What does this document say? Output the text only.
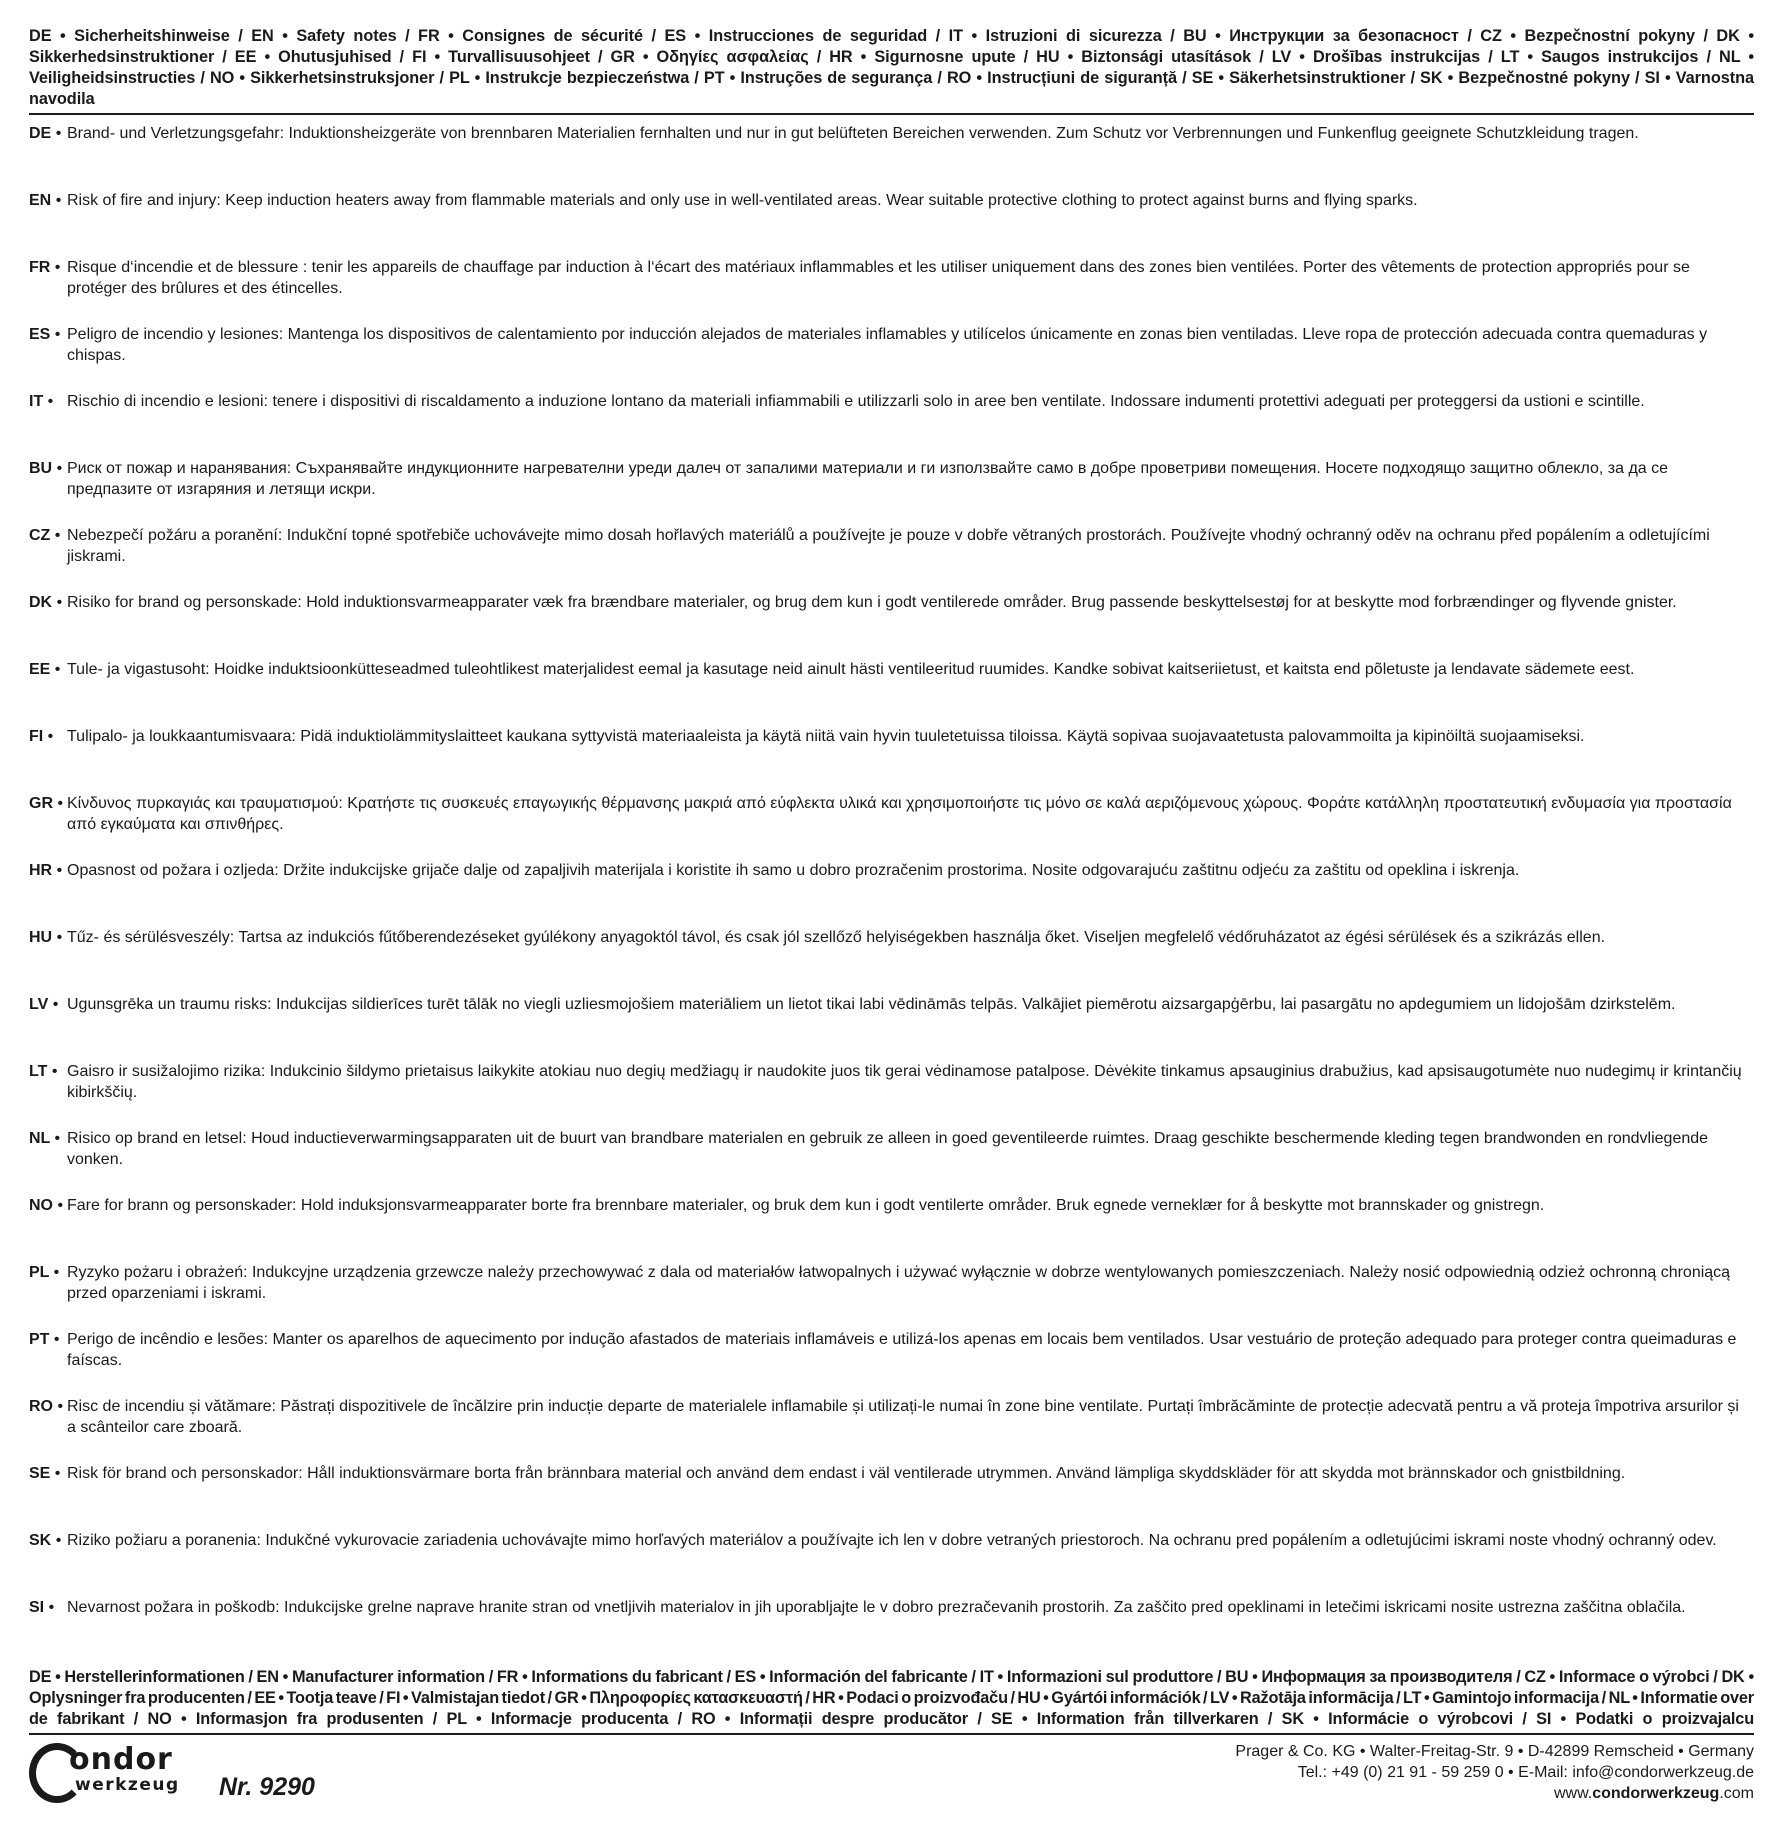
DE • Sicherheitshinweise / EN • Safety notes / FR • Consignes de sécurité / ES • Instrucciones de seguridad / IT • Istruzioni di sicurezza / BU • Инструкции за безопасност / CZ • Bezpečnostní pokyny / DK • Sikkerhedsinstruktioner / EE • Ohutusjuhised / FI • Turvallisuusohjeet / GR • Οδηγίες ασφαλείας / HR • Sigurnosne upute / HU • Biztonsági utasítások / LV • Drošības instrukcijas / LT • Saugos instrukcijos / NL • Veiligheidsinstructies / NO • Sikkerhetsinstruksjoner / PL • Instrukcje bezpieczeństwa / PT • Instruções de segurança / RO • Instrucțiuni de siguranță / SE • Säkerhetsinstruktioner / SK • Bezpečnostné pokyny / SI • Varnostna navodila
DE • Brand- und Verletzungsgefahr: Induktionsheizgeräte von brennbaren Materialien fernhalten und nur in gut belüfteten Bereichen verwenden. Zum Schutz vor Verbrennungen und Funkenflug geeignete Schutzkleidung tragen.
EN • Risk of fire and injury: Keep induction heaters away from flammable materials and only use in well-ventilated areas. Wear suitable protective clothing to protect against burns and flying sparks.
FR • Risque d‘incendie et de blessure : tenir les appareils de chauffage par induction à l‘écart des matériaux inflammables et les utiliser uniquement dans des zones bien ventilées. Porter des vêtements de protection appropriés pour se protéger des brûlures et des étincelles.
ES • Peligro de incendio y lesiones: Mantenga los dispositivos de calentamiento por inducción alejados de materiales inflamables y utilícelos únicamente en zonas bien ventiladas. Lleve ropa de protección adecuada contra quemaduras y chispas.
IT • Rischio di incendio e lesioni: tenere i dispositivi di riscaldamento a induzione lontano da materiali infiammabili e utilizzarli solo in aree ben ventilate. Indossare indumenti protettivi adeguati per proteggersi da ustioni e scintille.
BU • Риск от пожар и наранявания: Съхранявайте индукционните нагревателни уреди далеч от запалими материали и ги използвайте само в добре проветриви помещения. Носете подходящо защитно облекло, за да се предпазите от изгаряния и летящи искри.
CZ • Nebezpečí požáru a poranění: Indukční topné spotřebiče uchovávejte mimo dosah hořlavých materiálů a používejte je pouze v dobře větraných prostorách. Používejte vhodný ochranný oděv na ochranu před popálením a odletujícími jiskrami.
DK • Risiko for brand og personskade: Hold induktionsvarmeapparater væk fra brændbare materialer, og brug dem kun i godt ventilerede områder. Brug passende beskyttelsestøj for at beskytte mod forbrændinger og flyvende gnister.
EE • Tule- ja vigastusoht: Hoidke induktsioonkütteseadmed tuleohtlikest materjalidest eemal ja kasutage neid ainult hästi ventileeritud ruumides. Kandke sobivat kaitseriietust, et kaitsta end põletuste ja lendavate sädemete eest.
FI • Tulipalo- ja loukkaantumisvaara: Pidä induktiolämmityslaitteet kaukana syttyvistä materiaaleista ja käytä niitä vain hyvin tuuletetuissa tiloissa. Käytä sopivaa suojavaatetusta palovammoilta ja kipinöiltä suojaamiseksi.
GR • Κίνδυνος πυρκαγιάς και τραυματισμού: Κρατήστε τις συσκευές επαγωγικής θέρμανσης μακριά από εύφλεκτα υλικά και χρησιμοποιήστε τις μόνο σε καλά αεριζόμενους χώρους. Φοράτε κατάλληλη προστατευτική ενδυμασία για προστασία από εγκαύματα και σπινθήρες.
HR • Opasnost od požara i ozljeda: Držite indukcijske grijače dalje od zapaljivih materijala i koristite ih samo u dobro prozračenim prostorima. Nosite odgovarajuću zaštitnu odjeću za zaštitu od opeklina i iskrenja.
HU • Tűz- és sérülésveszély: Tartsa az indukciós fűtőberendezéseket gyúlékony anyagoktól távol, és csak jól szellőző helyiségekben használja őket. Viseljen megfelelő védőruházatot az égési sérülések és a szikrázás ellen.
LV • Ugunsgrēka un traumu risks: Indukcijas sildierīces turēt tālāk no viegli uzliesmojošiem materiāliem un lietot tikai labi vēdināmās telpās. Valkājiet piemērotu aizsargapģērbu, lai pasargātu no apdegumiem un lidojošām dzirkstelēm.
LT • Gaisro ir susižalojimo rizika: Indukcinio šildymo prietaisus laikykite atokiau nuo degių medžiagų ir naudokite juos tik gerai vėdinamose patalpose. Dėvėkite tinkamus apsauginius drabužius, kad apsisaugotumėte nuo nudegimų ir krintančių kibirkščių.
NL • Risico op brand en letsel: Houd inductieverwarmingsapparaten uit de buurt van brandbare materialen en gebruik ze alleen in goed geventileerde ruimtes. Draag geschikte beschermende kleding tegen brandwonden en rondvliegende vonken.
NO • Fare for brann og personskader: Hold induksjonsvarmeapparater borte fra brennbare materialer, og bruk dem kun i godt ventilerte områder. Bruk egnede verneklær for å beskytte mot brannskader og gnistregn.
PL • Ryzyko pożaru i obrażeń: Indukcyjne urządzenia grzewcze należy przechowywać z dala od materiałów łatwopalnych i używać wyłącznie w dobrze wentylowanych pomieszczeniach. Należy nosić odpowiednią odzież ochronną chroniącą przed oparzeniami i iskrami.
PT • Perigo de incêndio e lesões: Manter os aparelhos de aquecimento por indução afastados de materiais inflamáveis e utilizá-los apenas em locais bem ventilados. Usar vestuário de proteção adequado para proteger contra queimaduras e faíscas.
RO • Risc de incendiu și vătămare: Păstrați dispozitivele de încălzire prin inducție departe de materialele inflamabile și utilizați-le numai în zone bine ventilate. Purtați îmbrăcăminte de protecție adecvată pentru a vă proteja împotriva arsurilor și a scânteilor care zboară.
SE • Risk för brand och personskador: Håll induktionsvärmare borta från brännbara material och använd dem endast i väl ventilerade utrymmen. Använd lämpliga skyddskläder för att skydda mot brännskador och gnistbildning.
SK • Riziko požiaru a poranenia: Indukčné vykurovacie zariadenia uchovávajte mimo horľavých materiálov a používajte ich len v dobre vetraných priestoroch. Na ochranu pred popálením a odletujúcimi iskrami noste vhodný ochranný odev.
SI • Nevarnost požara in poškodb: Indukcijske grelne naprave hranite stran od vnetljivih materialov in jih uporabljajte le v dobro prezračevanih prostorih. Za zaščito pred opeklinami in letečimi iskricami nosite ustrezna zaščitna oblačila.
DE • Herstellerinformationen / EN • Manufacturer information / FR • Informations du fabricant / ES • Información del fabricante / IT • Informazioni sul produttore / BU • Информация за производителя / CZ • Informace o výrobci / DK • Oplysninger fra producenten / EE • Tootja teave / FI • Valmistajan tiedot / GR • Πληροφορίες κατασκευαστή / HR • Podaci o proizvođaču / HU • Gyártói információk / LV • Ražotāja informācija / LT • Gamintojo informacija / NL • Informatie over de fabrikant / NO • Informasjon fra produsenten / PL • Informacje producenta / RO • Informații despre producător / SE • Information från tillverkaren / SK • Informácie o výrobcovi / SI • Podatki o proizvajalcu
ondor
werkzeug Nr. 9290
Prager & Co. KG • Walter-Freitag-Str. 9 • D-42899 Remscheid • Germany
Tel.: +49 (0) 21 91 - 59 259 0 • E-Mail: info@condorwerkzeug.de
www.condorwerkzeug.com
